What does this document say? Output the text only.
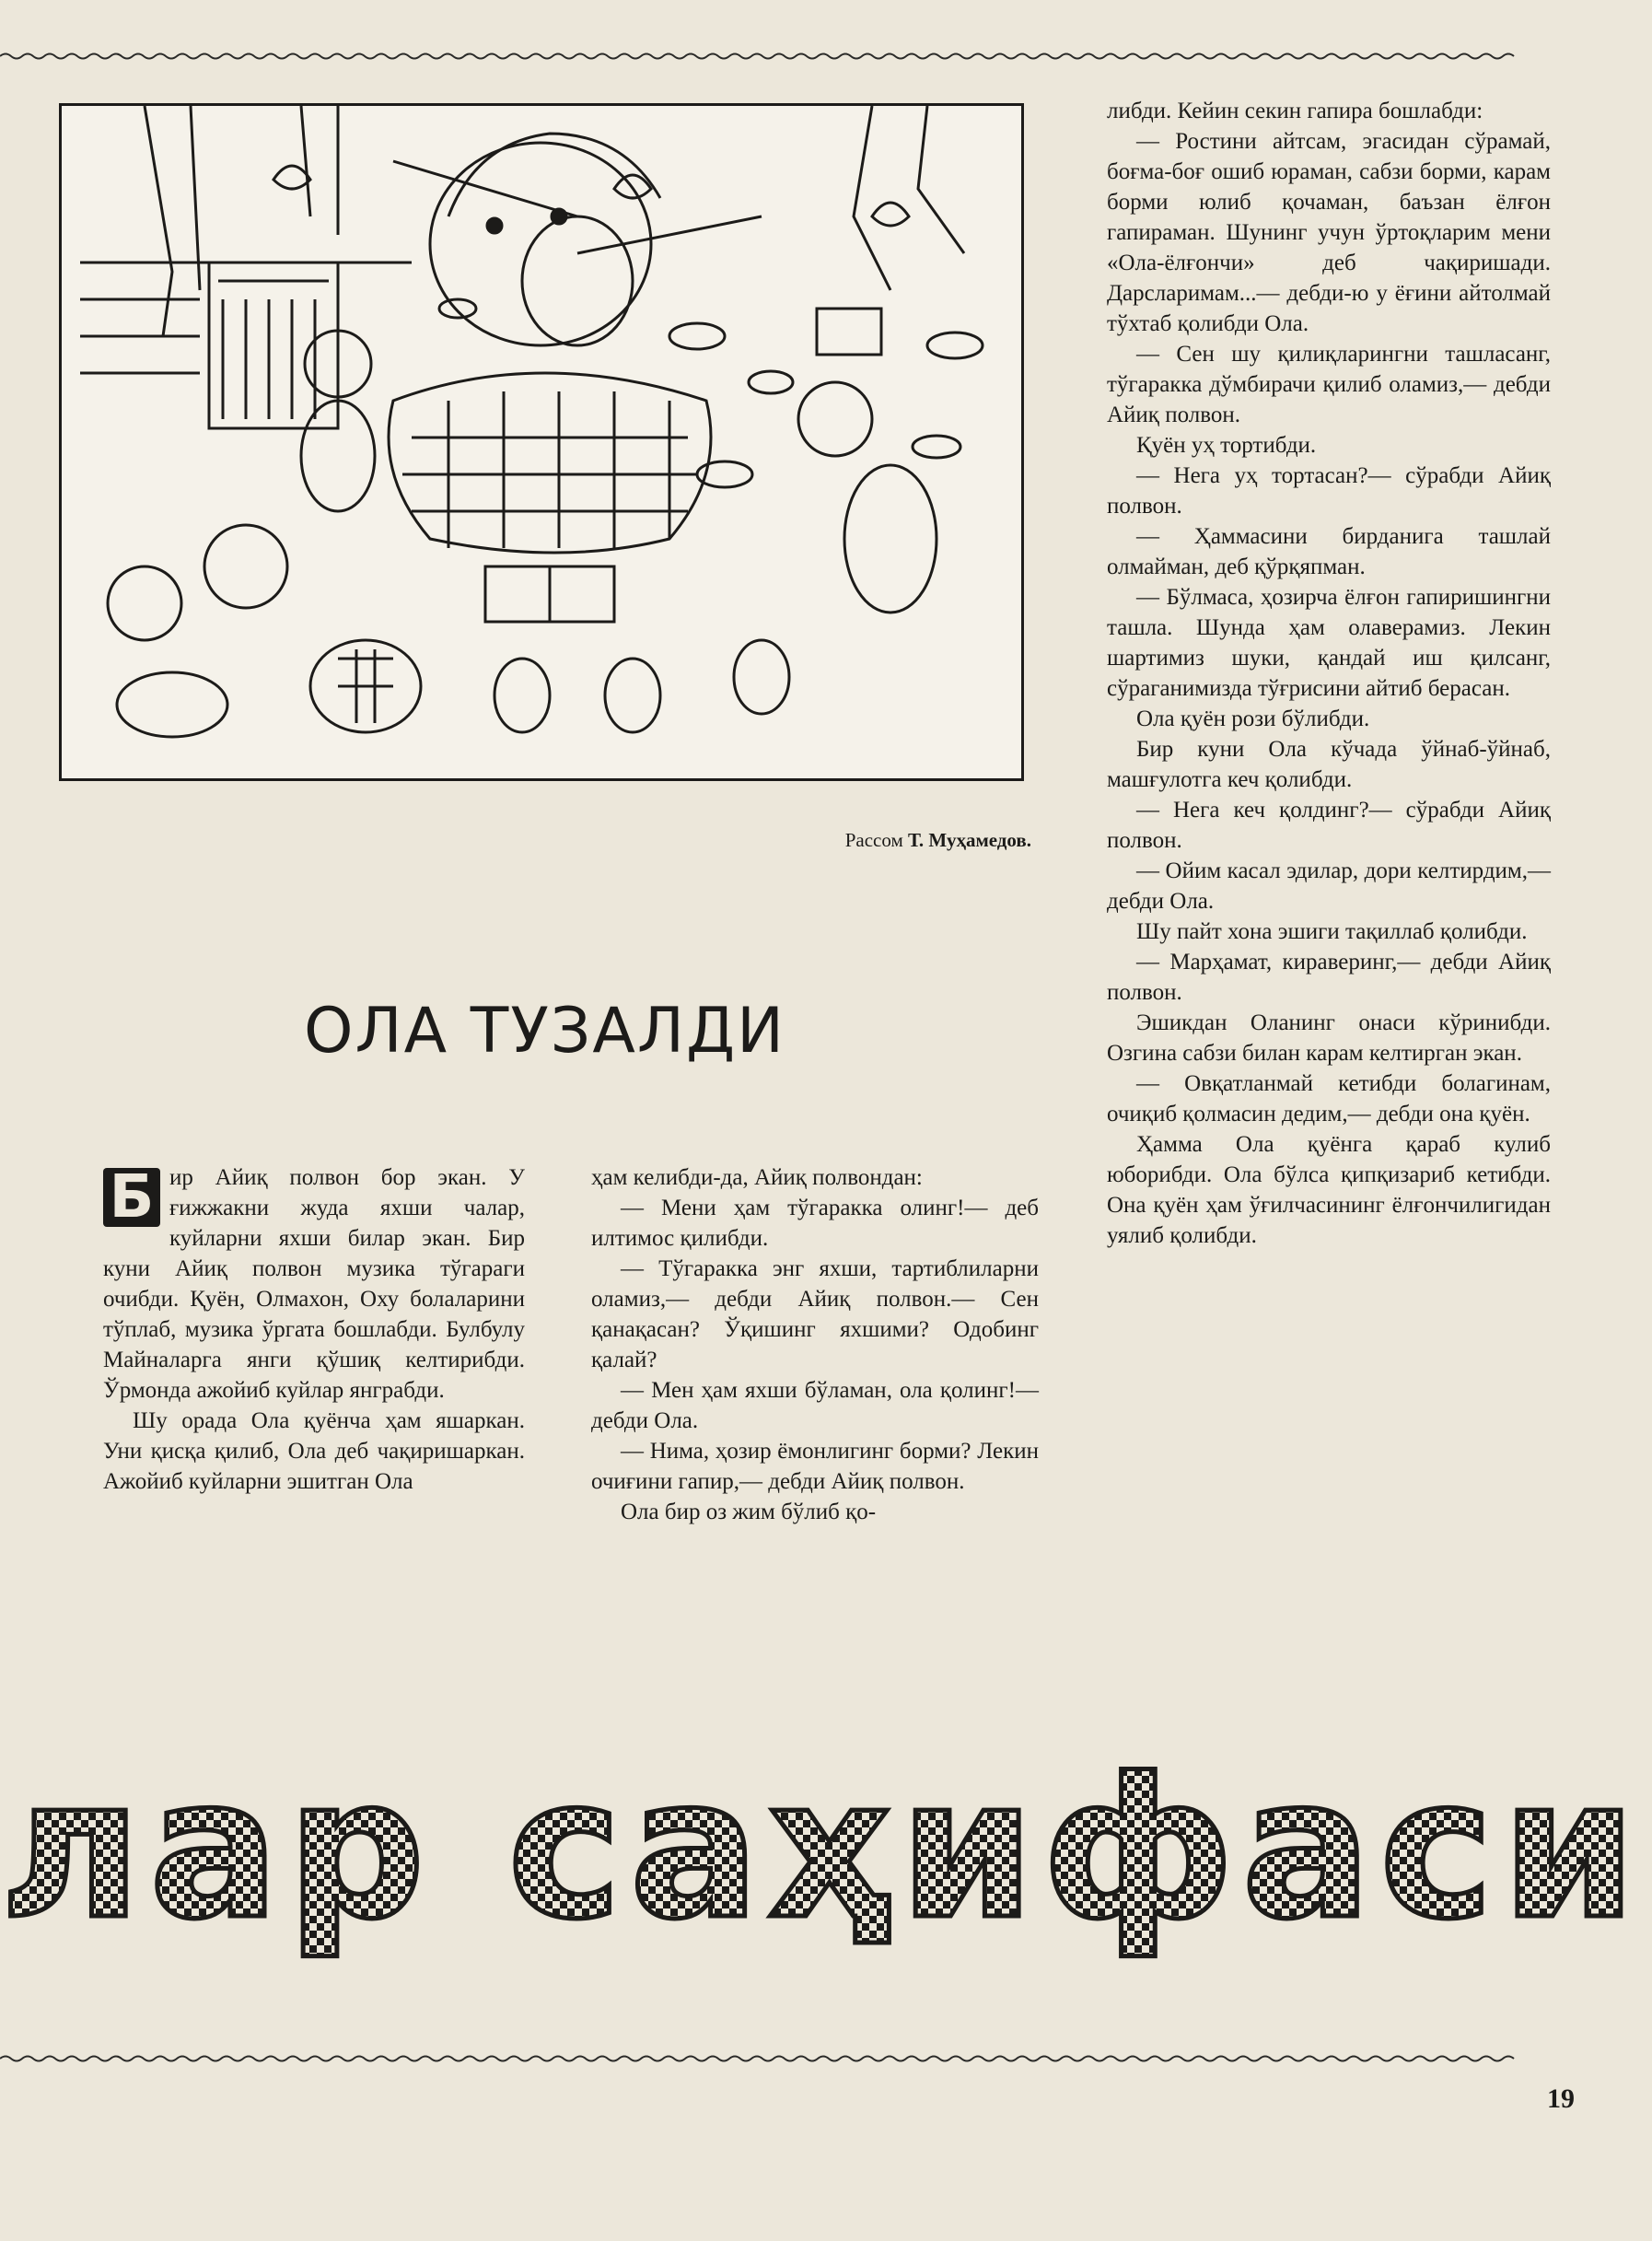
Рассом Т. Муҳамедов.
ОЛА ТУЗАЛДИ

Б ир Айиқ полвон бор экан. У ғижжакни жуда яхши чалар, куйларни яхши билар экан. Бир куни Айиқ полвон музика тўгараги очибди. Қуён, Олмахон, Оху болаларини тўплаб, музика ўргата бошлабди. Булбулу Майналарга янги қўшиқ келтирибди. Ўрмонда ажойиб куйлар янграбди.

Шу орада Ола қуёнча ҳам яшаркан. Уни қисқа қилиб, Ола деб чақиришаркан. Ажойиб куйларни эшитган Ола

ҳам келибди-да, Айиқ полвондан:

— Мени ҳам тўгаракка олинг!— деб илтимос қилибди.

— Тўгаракка энг яхши, тартиблиларни оламиз,— дебди Айиқ полвон.— Сен қанақасан? Ўқишинг яхшими? Одобинг қалай?

— Мен ҳам яхши бўламан, ола қолинг!— дебди Ола.

— Нима, ҳозир ёмонлигинг борми? Лекин очиғини гапир,— дебди Айиқ полвон.

Ола бир оз жим бўлиб қо-

либди. Кейин секин гапира бошлабди:

— Ростини айтсам, эгасидан сўрамай, боғма-боғ ошиб юраман, сабзи борми, карам борми юлиб қочаман, баъзан ёлғон гапираман. Шунинг учун ўртоқларим мени «Ола-ёлғончи» деб чақиришади. Дарсларимам...— дебди-ю у ёғини айтолмай тўхтаб қолибди Ола.

— Сен шу қилиқларингни ташласанг, тўгаракка дўмбирачи қилиб оламиз,— дебди Айиқ полвон.

Қуён уҳ тортибди.

— Нега уҳ тортасан?— сўрабди Айиқ полвон.

— Ҳаммасини бирданига ташлай олмайман, деб қўрқяпман.

— Бўлмаса, ҳозирча ёлғон гапиришингни ташла. Шунда ҳам олаверамиз. Лекин шартимиз шуки, қандай иш қилсанг, сўраганимизда тўғрисини айтиб берасан.

Ола қуён рози бўлибди.

Бир куни Ола кўчада ўйнаб-ўйнаб, машғулотга кеч қолибди.

— Нега кеч қолдинг?— сўрабди Айиқ полвон.

— Ойим касал эдилар, дори келтирдим,— дебди Ола.

Шу пайт хона эшиги тақиллаб қолибди.

— Марҳамат, кираверинг,— дебди Айиқ полвон.

Эшикдан Оланинг онаси кўринибди. Озгина сабзи билан карам келтирган экан.

— Овқатланмай кетибди болагинам, очиқиб қолмасин дедим,— дебди она қуён.

Ҳамма Ола қуёнга қараб кулиб юборибди. Ола бўлса қипқизариб кетибди. Она қуён ҳам ўғилчасининг ёлғончилигидан уялиб қолибди.

лар саҳифаси
19
